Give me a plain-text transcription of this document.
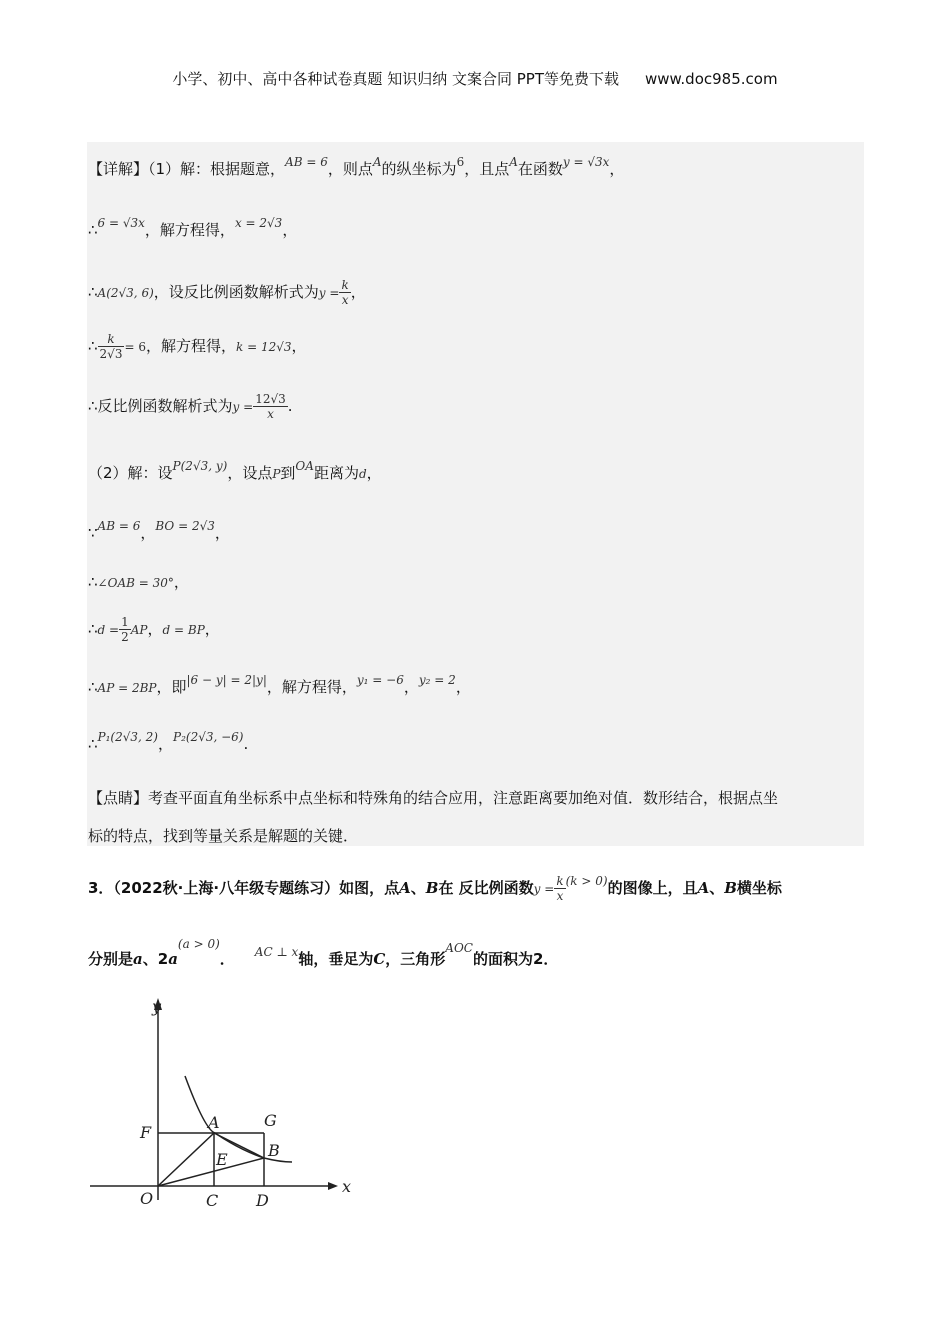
小学、初中、高中各种试卷真题 知识归纳 文案合同 PPT等免费下载 www.doc985.com
【详解】（1）解：根据题意，$^{AB = 6}$，则点$^A$的纵坐标为$^6$，且点$^A$在函数$^{y = √3x}$，
∴$^{6 = √3x}$，解方程得，$^{x = 2√3}$，
∴A(2√3, 6)，设反比例函数解析式为$y = \frac{k}{x}$ ，
∴ $\frac{k}{2√3} = 6$，解方程得，k = 12√3，
∴反比例函数解析式为$y = \frac{12√3}{x}$ .
（2）解：设$^{P(2√3, y)}$，设点P到$^{OA}$距离为d，
∵$^{AB = 6}$，$^{BO = 2√3}$，
∴∠OAB = 30°，
∴d = $\frac{1}{2}$ AP，d = BP，
∴AP = 2BP，即$^{|6 - y| = 2|y|}$，解方程得，$^{y_1 = -6}$，$^{y_2 = 2}$，
∴$^{P_1(2√3, 2)}$，$^{P_2(2√3, -6)}$.
【点睛】考查平面直角坐标系中点坐标和特殊角的结合应用，注意距离要加绝对值．数形结合，根据点坐
标的特点，找到等量关系是解题的关键．
3．（2022秋·上海·八年级专题练习）如图，点A、B在 反比例函数$y = \frac{k}{x} ^{(k > 0)}$的图像上，且A、B横坐标
分别是a、$2a^{(a > 0)}$． $^{AC \perp x}$轴，垂足为C，三角形$^{AOC}$的面积为2．
y
x
O
A
B
C D
E
F
G
